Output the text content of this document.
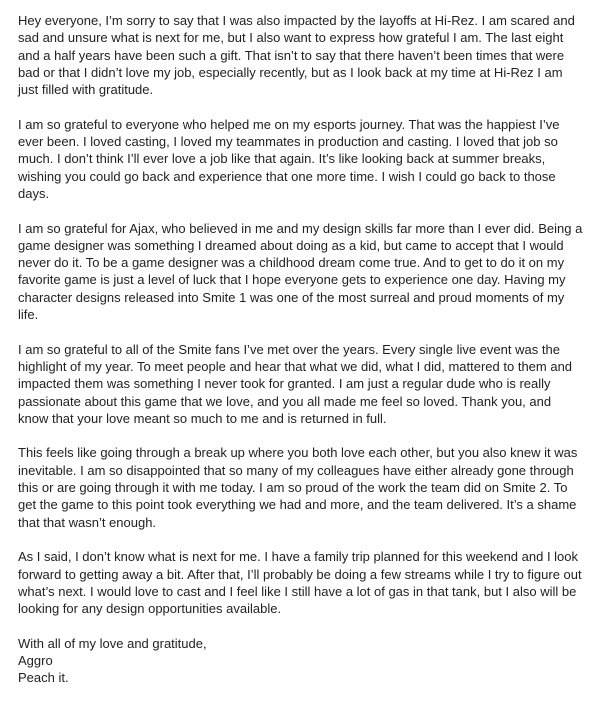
Hey everyone, I’m sorry to say that I was also impacted by the layoffs at Hi-Rez. I am scared and sad and unsure what is next for me, but I also want to express how grateful I am. The last eight and a half years have been such a gift. That isn’t to say that there haven’t been times that were bad or that I didn’t love my job, especially recently, but as I look back at my time at Hi-Rez I am just filled with gratitude.

I am so grateful to everyone who helped me on my esports journey. That was the happiest I’ve ever been. I loved casting, I loved my teammates in production and casting. I loved that job so much. I don’t think I’ll ever love a job like that again. It’s like looking back at summer breaks, wishing you could go back and experience that one more time. I wish I could go back to those days.

I am so grateful for Ajax, who believed in me and my design skills far more than I ever did. Being a game designer was something I dreamed about doing as a kid, but came to accept that I would never do it. To be a game designer was a childhood dream come true. And to get to do it on my favorite game is just a level of luck that I hope everyone gets to experience one day. Having my character designs released into Smite 1 was one of the most surreal and proud moments of my life.

I am so grateful to all of the Smite fans I’ve met over the years. Every single live event was the highlight of my year. To meet people and hear that what we did, what I did, mattered to them and impacted them was something I never took for granted. I am just a regular dude who is really passionate about this game that we love, and you all made me feel so loved. Thank you, and know that your love meant so much to me and is returned in full.

This feels like going through a break up where you both love each other, but you also knew it was inevitable. I am so disappointed that so many of my colleagues have either already gone through this or are going through it with me today. I am so proud of the work the team did on Smite 2. To get the game to this point took everything we had and more, and the team delivered. It’s a shame that that wasn’t enough.

As I said, I don’t know what is next for me. I have a family trip planned for this weekend and I look forward to getting away a bit. After that, I’ll probably be doing a few streams while I try to figure out what’s next. I would love to cast and I feel like I still have a lot of gas in that tank, but I also will be looking for any design opportunities available.

With all of my love and gratitude,
Aggro
Peach it.
